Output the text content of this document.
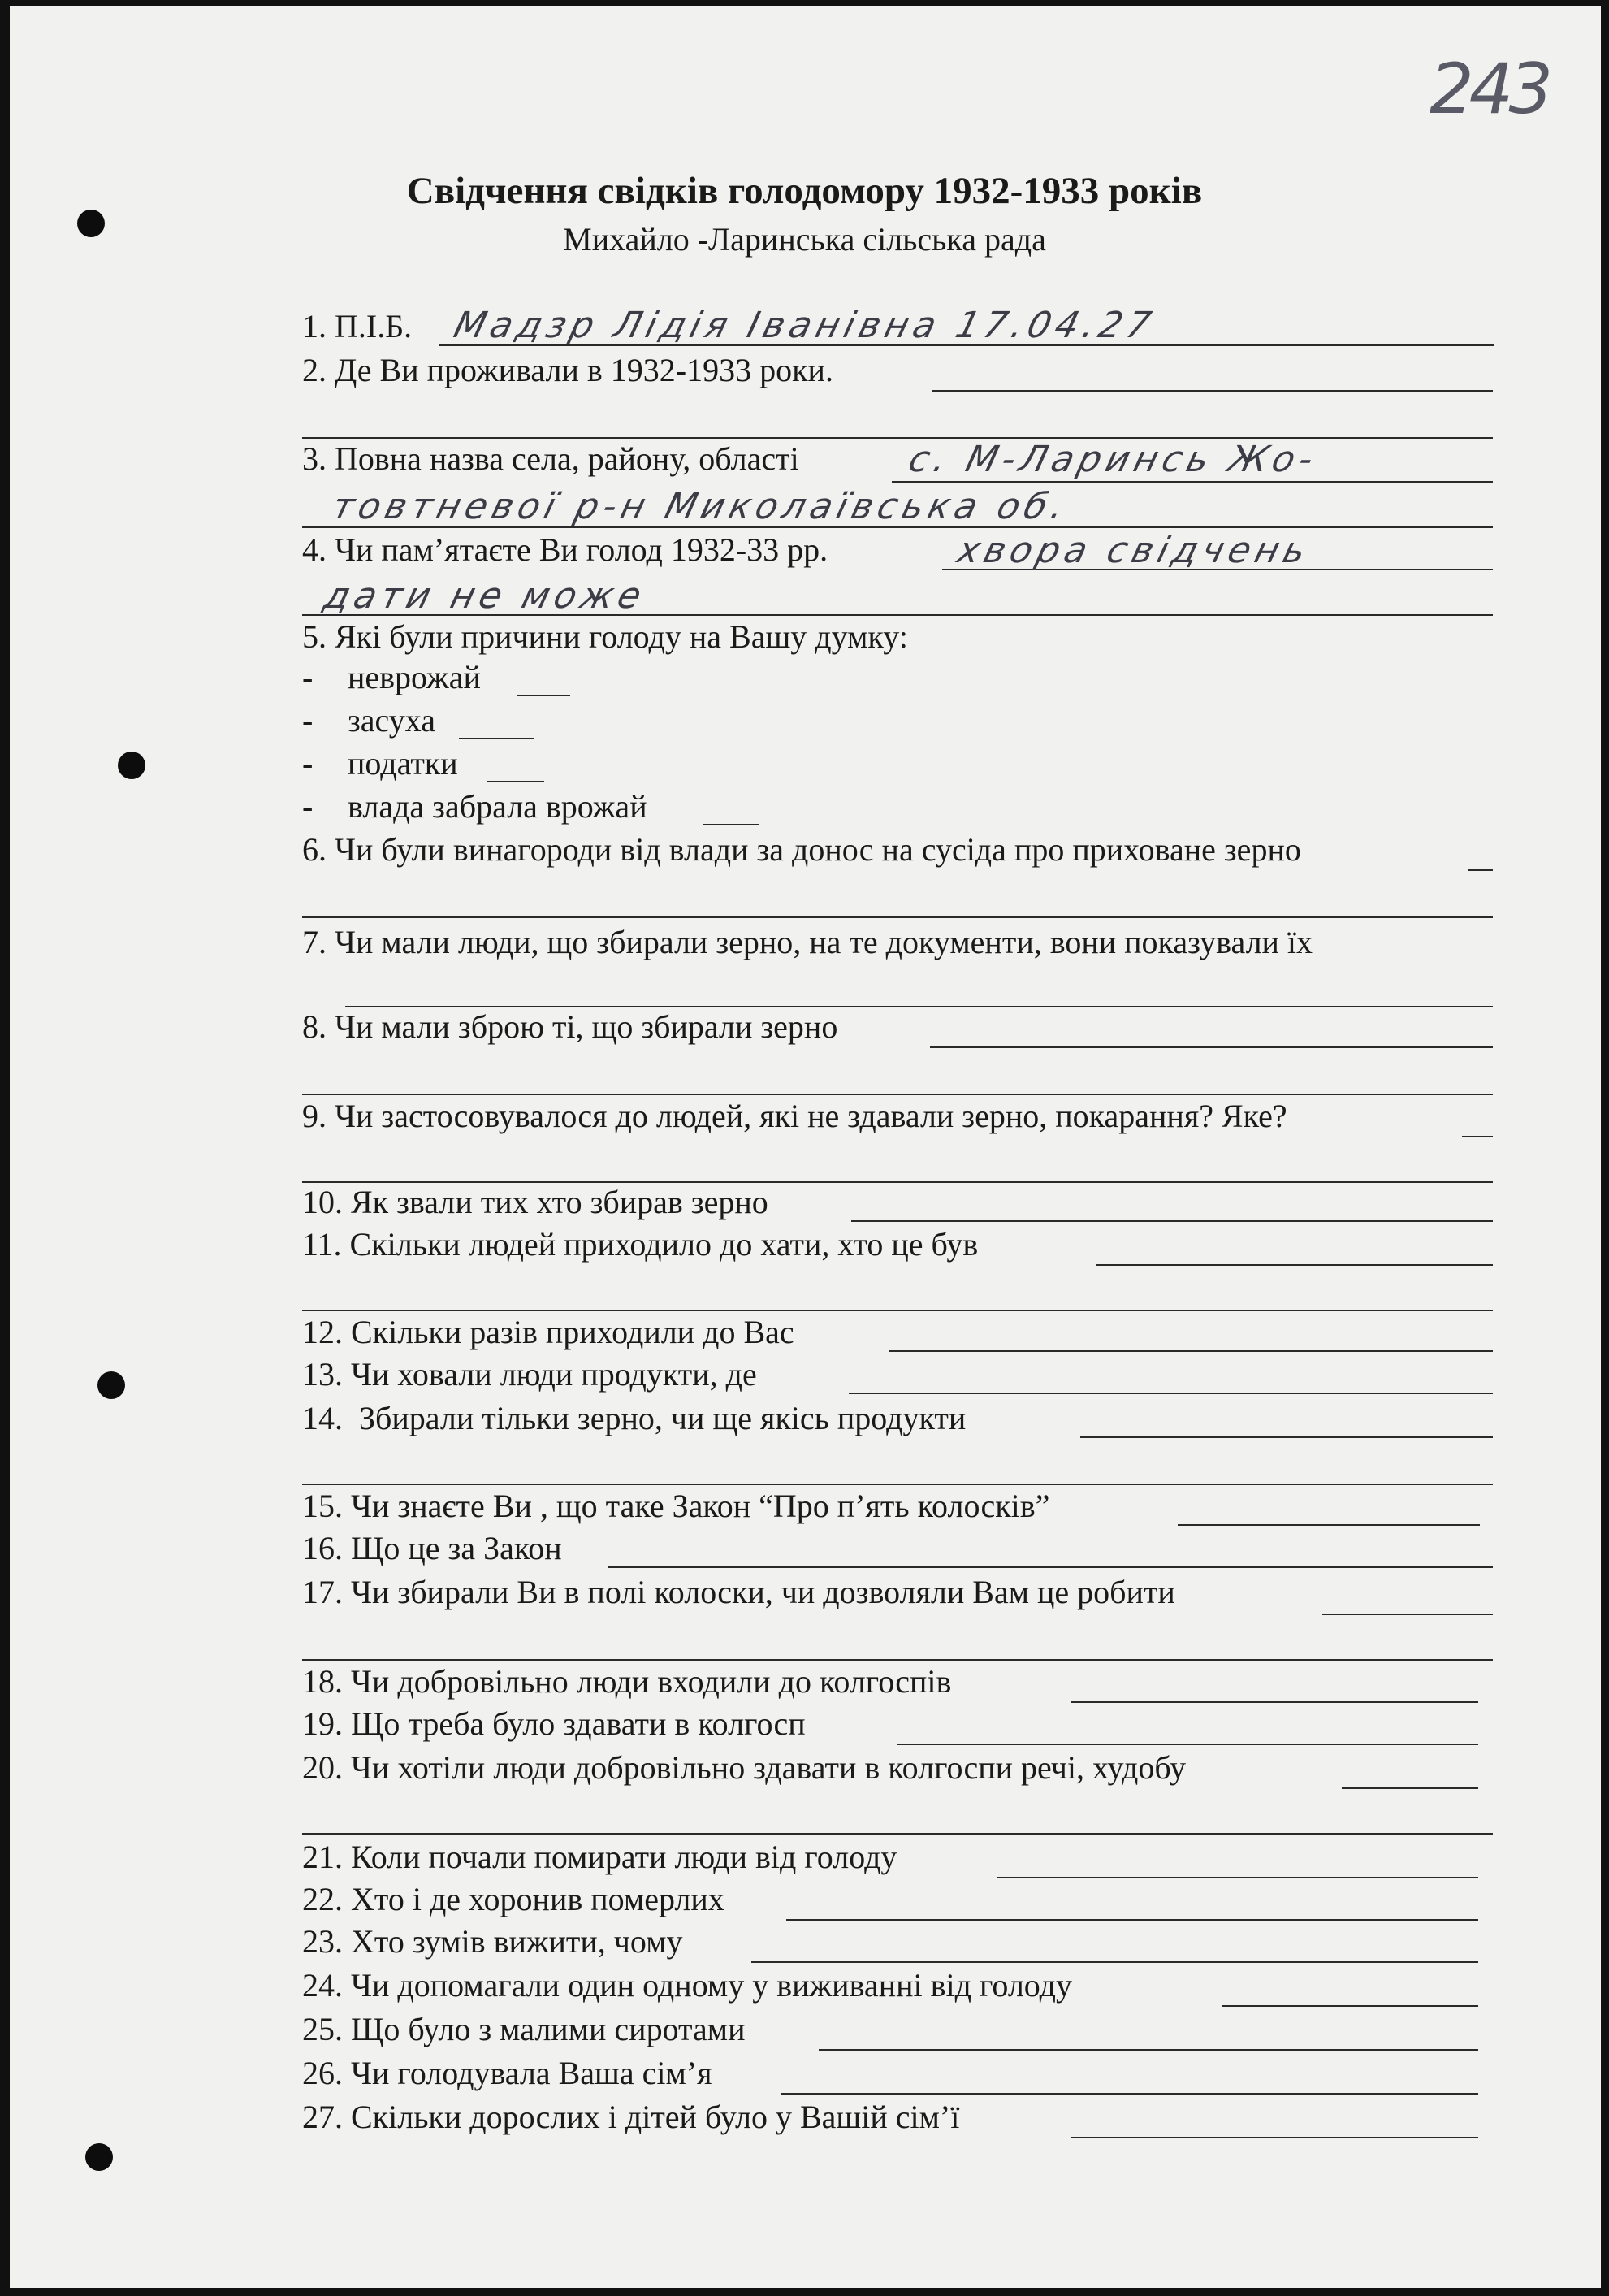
243
Свідчення свідків голодомору 1932-1933 років
Михайло -Ларинська сільська рада
1. П.І.Б. Мадзр Лідія Іванівна 17.04.27
2. Де Ви проживали в 1932-1933 роки.
3. Повна назва села, району, області	с. М-Ларинсь Жо-
товтневої р-н Миколаївська об.
4. Чи пам’ятаєте Ви голод 1932-33 рр.	хвора свідчень
дати не може
5. Які були причини голоду на Вашу думку:
- неврожай
- засуха
- податки
- влада забрала врожай
6. Чи були винагороди від влади за донос на сусіда про приховане зерно
7. Чи мали люди, що збирали зерно, на те документи, вони показували їх
8. Чи мали зброю ті, що збирали зерно
9. Чи застосовувалося до людей, які не здавали зерно, покарання? Яке?
10. Як звали тих хто збирав зерно
11. Скільки людей приходило до хати, хто це був
12. Скільки разів приходили до Вас
13. Чи ховали люди продукти, де
14. Збирали тільки зерно, чи ще якісь продукти
15. Чи знаєте Ви , що таке Закон “Про п’ять колосків”
16. Що це за Закон
17. Чи збирали Ви в полі колоски, чи дозволяли Вам це робити
18. Чи добровільно люди входили до колгоспів
19. Що треба було здавати в колгосп
20. Чи хотіли люди добровільно здавати в колгоспи речі, худобу
21. Коли почали помирати люди від голоду
22. Хто і де хоронив померлих
23. Хто зумів вижити, чому
24. Чи допомагали один одному у виживанні від голоду
25. Що було з малими сиротами
26. Чи голодувала Ваша сім’я
27. Скільки дорослих і дітей було у Вашій сім’ї
